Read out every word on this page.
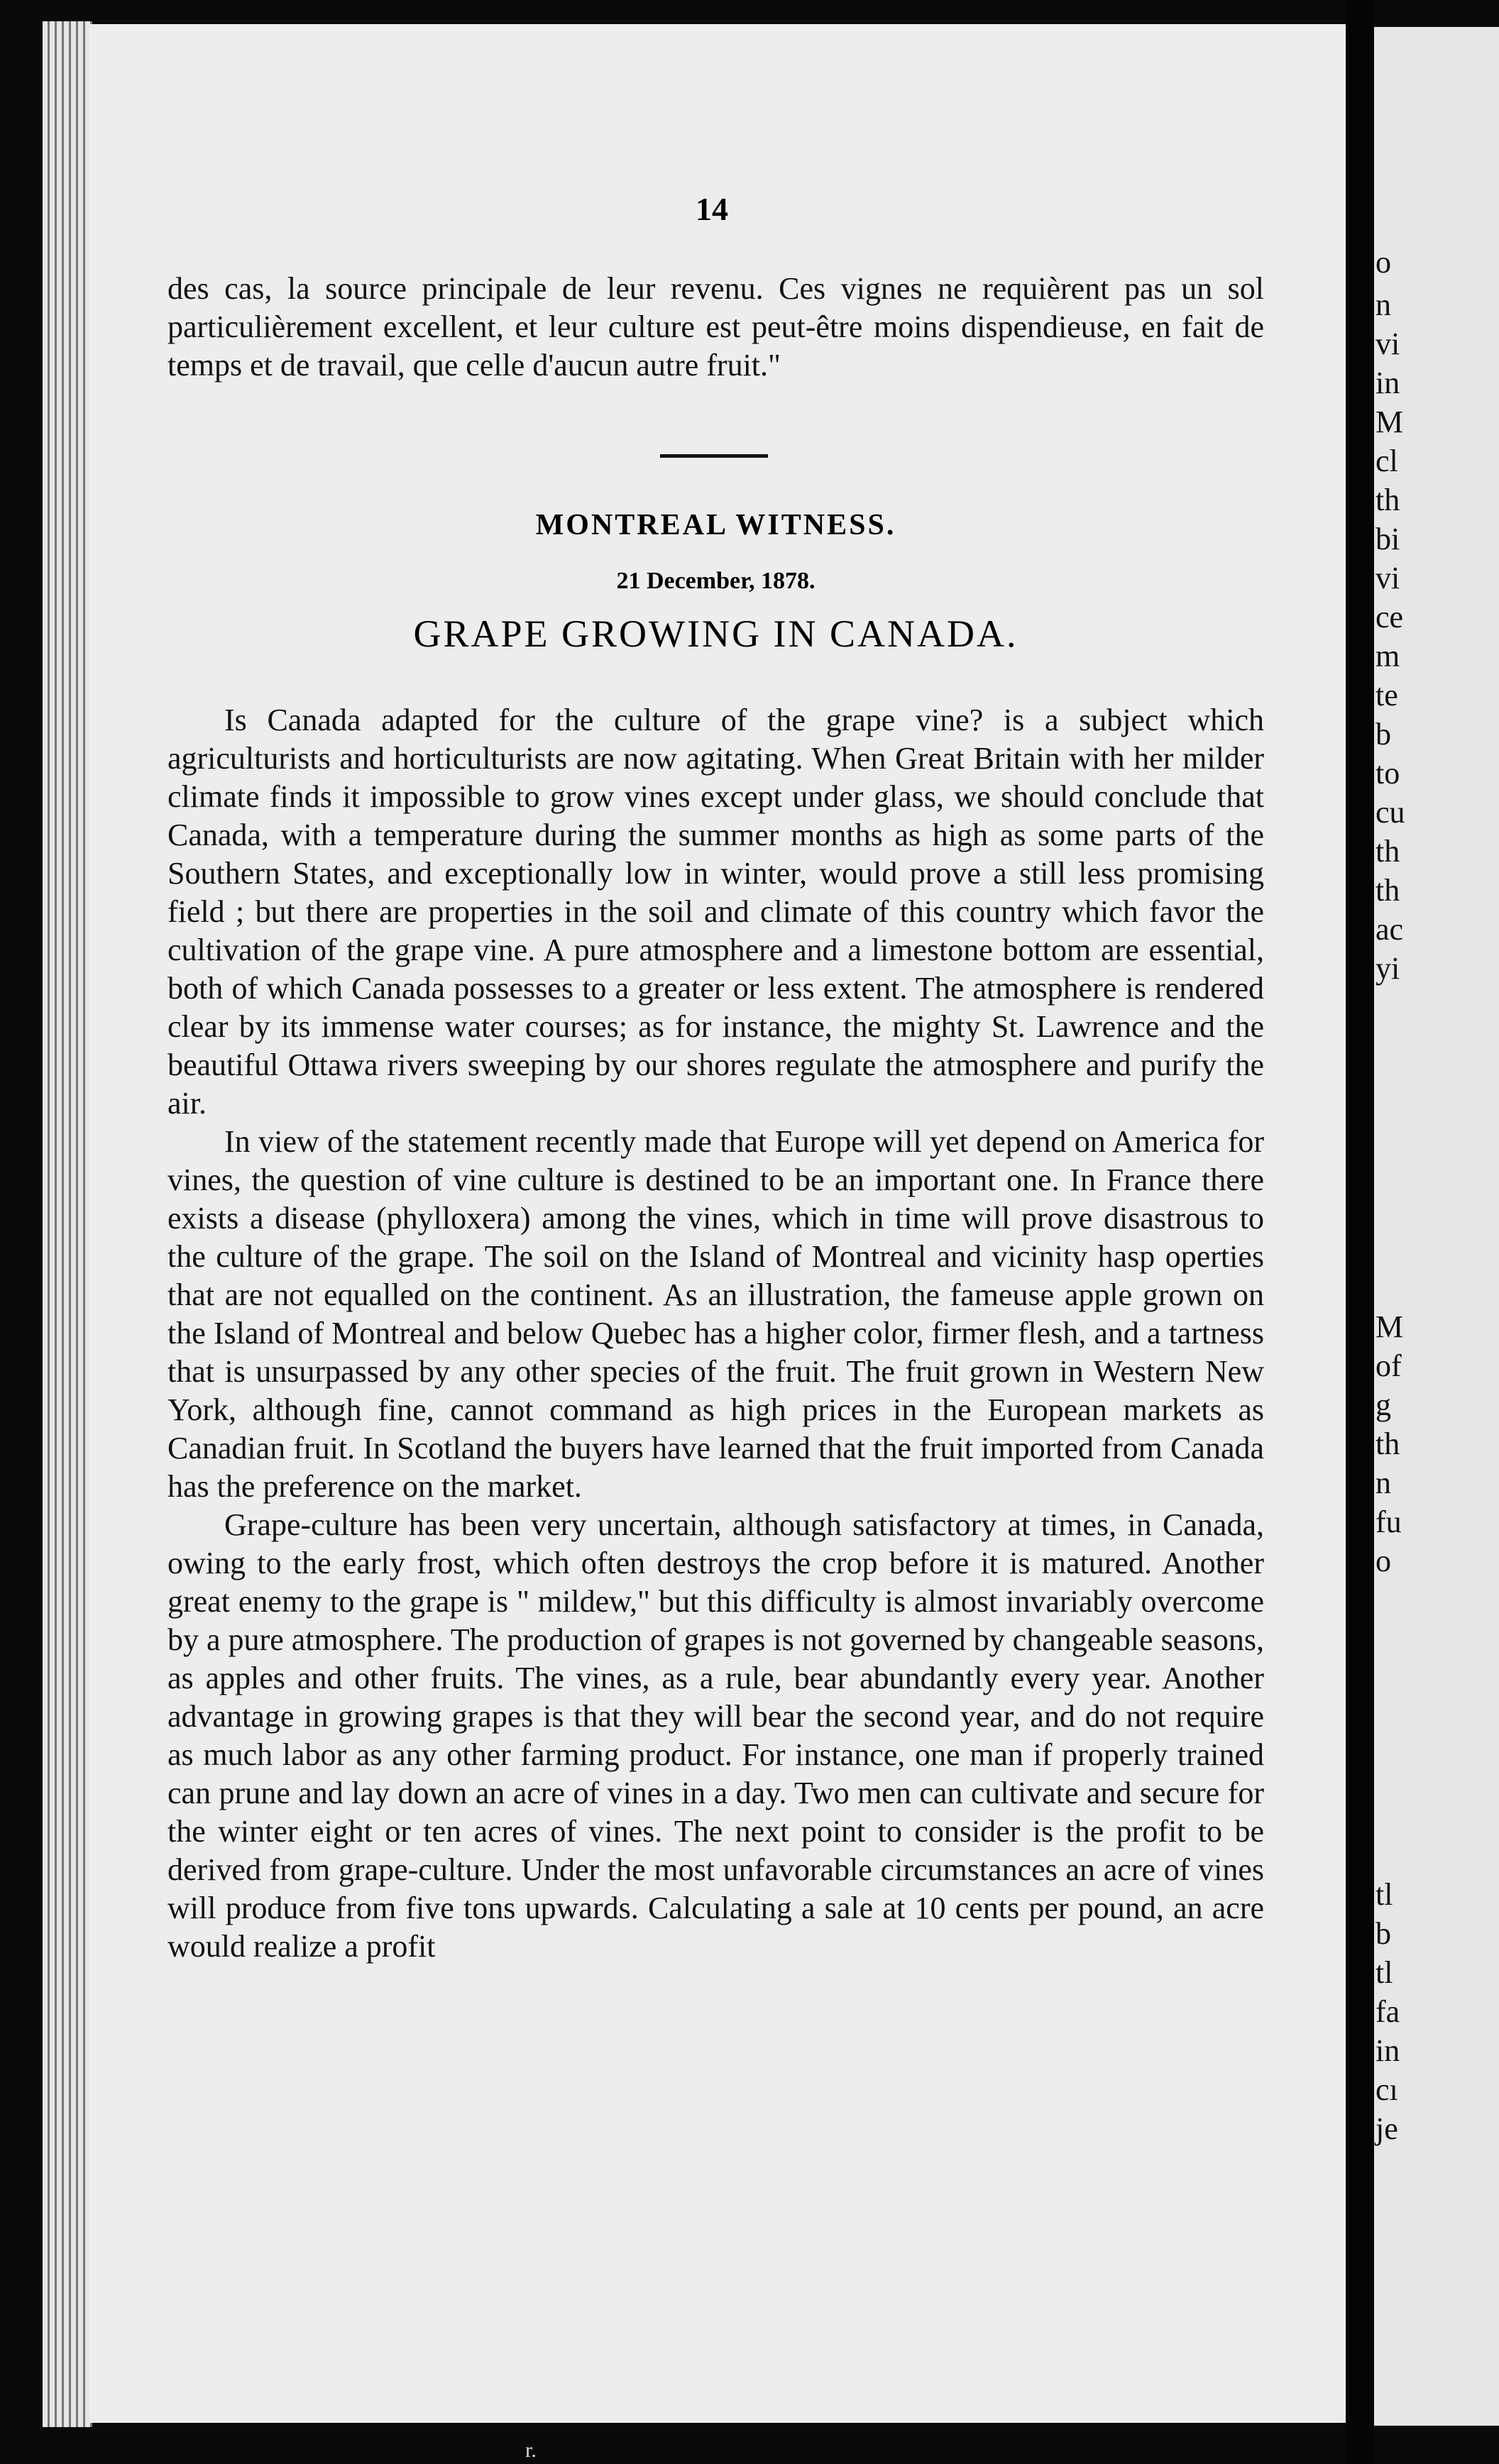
14

des cas, la source principale de leur revenu. Ces vignes ne requièrent pas un sol particulièrement excellent, et leur culture est peut-être moins dispendieuse, en fait de temps et de travail, que celle d'aucun autre fruit."

MONTREAL WITNESS.
21 December, 1878.
GRAPE GROWING IN CANADA.

Is Canada adapted for the culture of the grape vine? is a subject which agriculturists and horticulturists are now agitating. When Great Britain with her milder climate finds it impossible to grow vines except under glass, we should conclude that Canada, with a temperature during the summer months as high as some parts of the Southern States, and exceptionally low in winter, would prove a still less promising field ; but there are properties in the soil and climate of this country which favor the cultivation of the grape vine. A pure atmosphere and a limestone bottom are essential, both of which Canada possesses to a greater or less extent. The atmosphere is rendered clear by its immense water courses; as for instance, the mighty St. Lawrence and the beautiful Ottawa rivers sweeping by our shores regulate the atmosphere and purify the air.

In view of the statement recently made that Europe will yet depend on America for vines, the question of vine culture is destined to be an important one. In France there exists a disease (phylloxera) among the vines, which in time will prove disastrous to the culture of the grape. The soil on the Island of Montreal and vicinity hasp operties that are not equalled on the continent. As an illustration, the fameuse apple grown on the Island of Montreal and below Quebec has a higher color, firmer flesh, and a tartness that is unsurpassed by any other species of the fruit. The fruit grown in Western New York, although fine, cannot command as high prices in the European markets as Canadian fruit. In Scotland the buyers have learned that the fruit imported from Canada has the preference on the market.

Grape-culture has been very uncertain, although satisfactory at times, in Canada, owing to the early frost, which often destroys the crop before it is matured. Another great enemy to the grape is " mildew," but this difficulty is almost invariably overcome by a pure atmosphere. The production of grapes is not governed by changeable seasons, as apples and other fruits. The vines, as a rule, bear abundantly every year. Another advantage in growing grapes is that they will bear the second year, and do not require as much labor as any other farming product. For instance, one man if properly trained can prune and lay down an acre of vines in a day. Two men can cultivate and secure for the winter eight or ten acres of vines. The next point to consider is the profit to be derived from grape-culture. Under the most unfavorable circumstances an acre of vines will produce from five tons upwards. Calculating a sale at 10 cents per pound, an acre would realize a profit

o
n
vi
in
M
cl
th
bi
vi
ce
m
te
b
to
cu
th
th
ac
yi
M
of
g
th
n
fu
o
tl
b
tl
fa
in
cı
je
r.
